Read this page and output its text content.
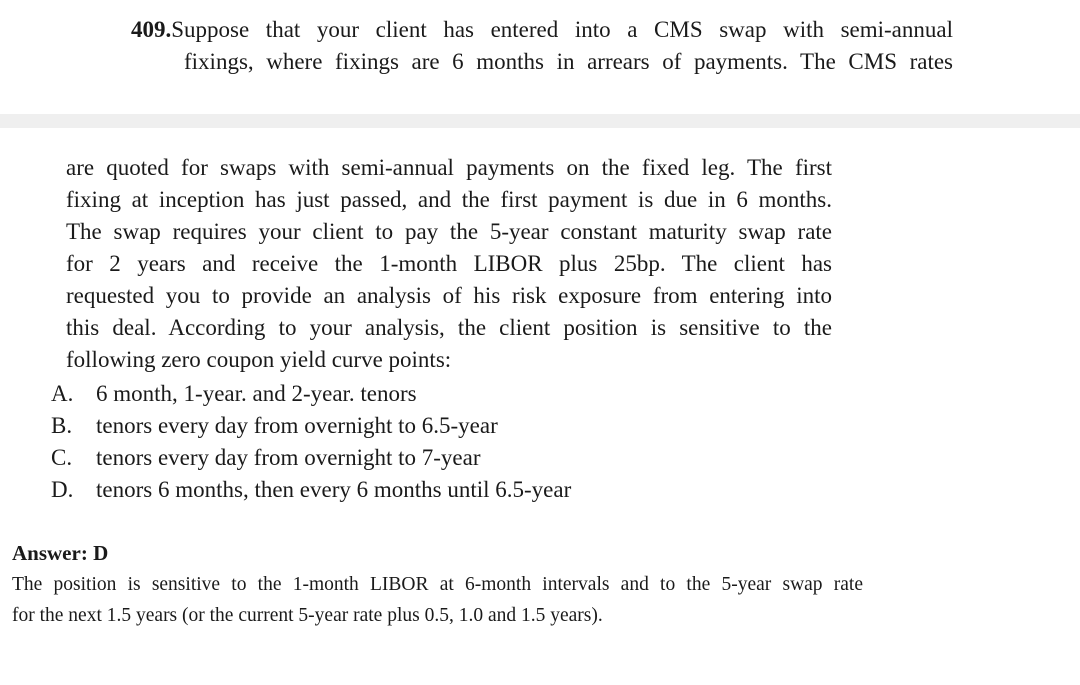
409.Suppose that your client has entered into a CMS swap with semi-annual
fixings, where fixings are 6 months in arrears of payments. The CMS rates
are quoted for swaps with semi-annual payments on the fixed leg. The first
fixing at inception has just passed, and the first payment is due in 6 months.
The swap requires your client to pay the 5-year constant maturity swap rate
for 2 years and receive the 1-month LIBOR plus 25bp. The client has
requested you to provide an analysis of his risk exposure from entering into
this deal. According to your analysis, the client position is sensitive to the
following zero coupon yield curve points:
A. 6 month, 1-year. and 2-year. tenors
B.	tenors every day from overnight to 6.5-year
C.	tenors every day from overnight to 7-year
D. tenors 6 months, then every 6 months until 6.5-year
Answer: D
The position is sensitive to the 1-month LIBOR at 6-month intervals and to the 5-year swap rate
for the next 1.5 years (or the current 5-year rate plus 0.5, 1.0 and 1.5 years).
